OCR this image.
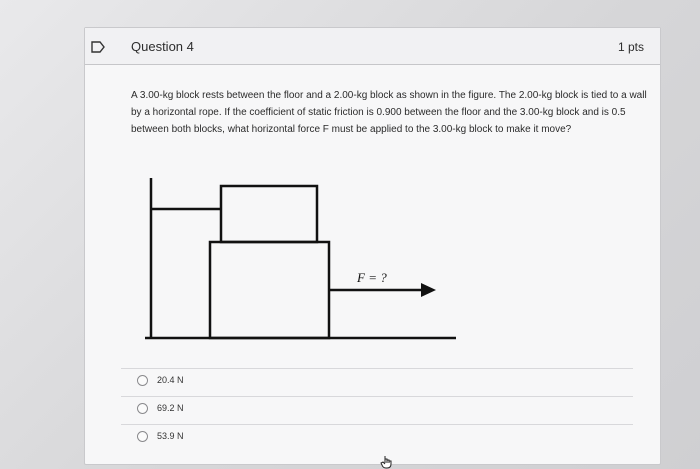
Question 4	1 pts

A 3.00-kg block rests between the floor and a 2.00-kg block as shown in the figure. The 2.00-kg block is tied to a wall by a horizontal rope. If the coefficient of static friction is 0.900 between the floor and the 3.00-kg block and is 0.5 between both blocks, what horizontal force F must be applied to the 3.00-kg block to make it move?

F = ?
20.4 N
69.2 N
53.9 N
